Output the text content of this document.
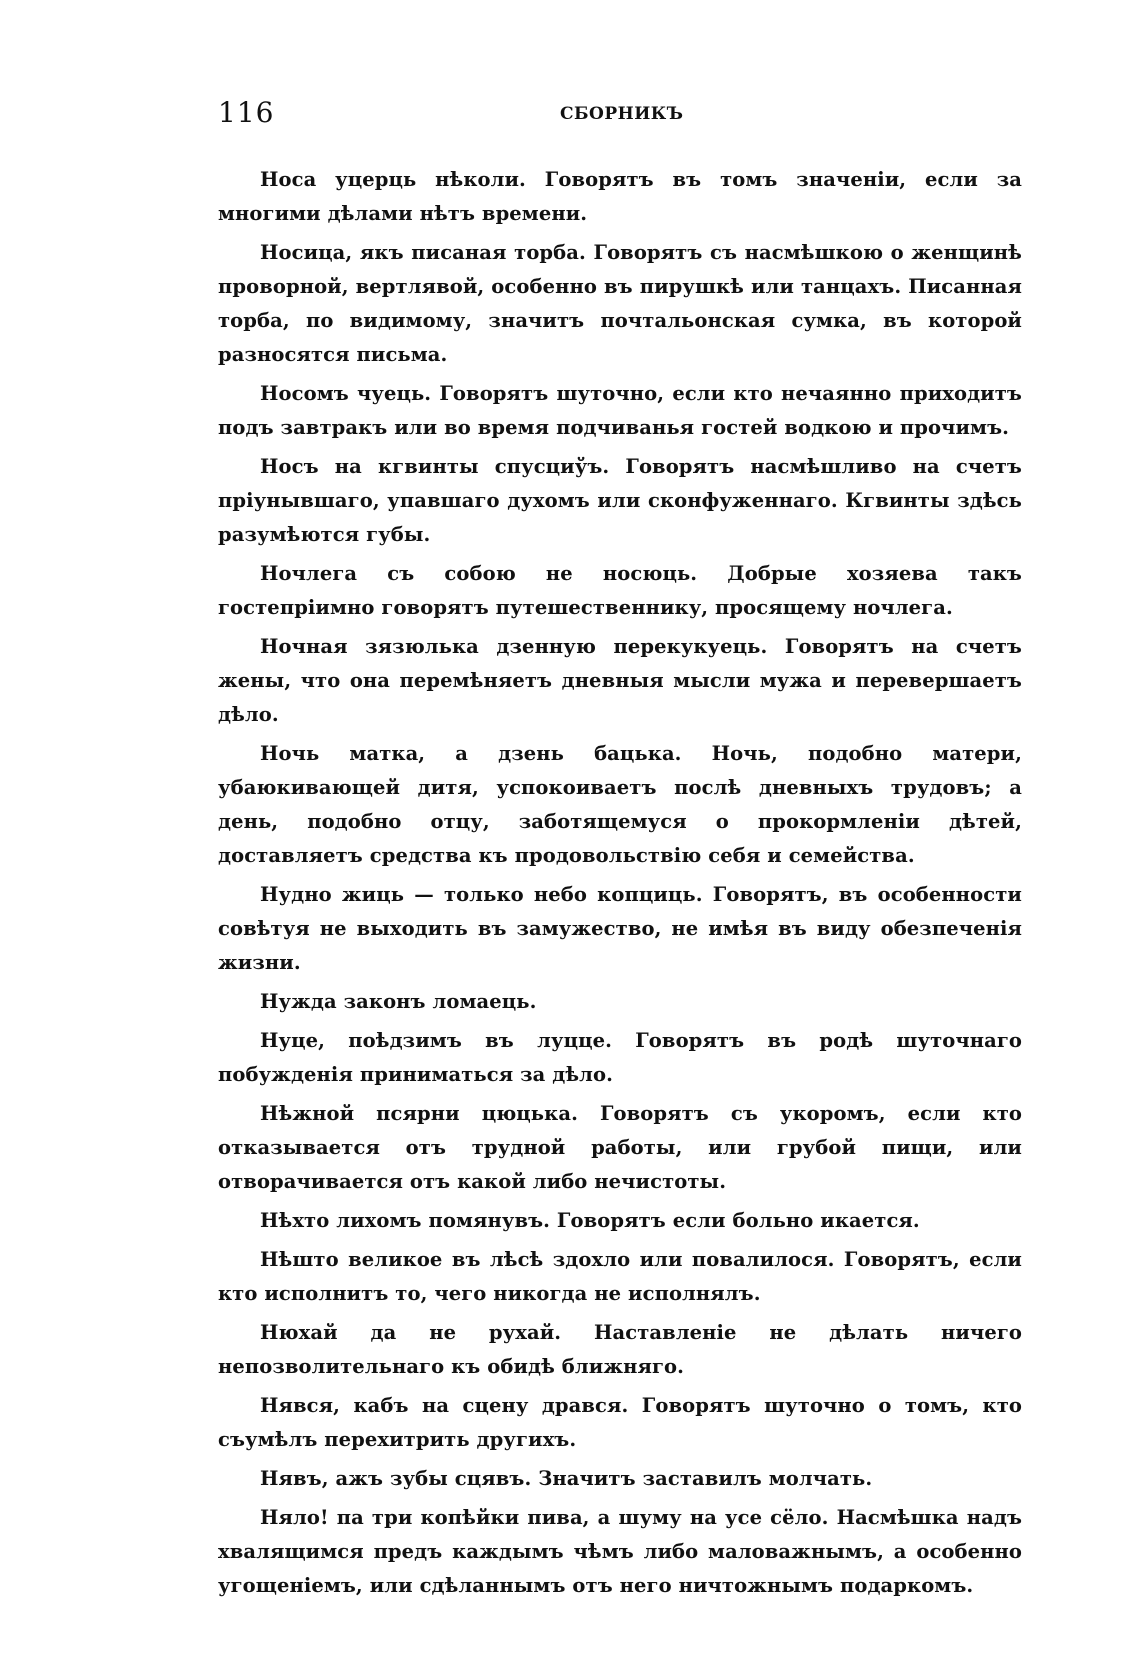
116	СБОРНИКЪ

Носа уцерць нѣколи. Говорятъ въ томъ значеніи, если за многими дѣлами нѣтъ времени.

Носица, якъ писаная торба. Говорятъ съ насмѣшкою о женщинѣ проворной, вертлявой, особенно въ пирушкѣ или танцахъ. Писанная торба, по видимому, значитъ почтальонская сумка, въ которой разносятся письма.

Носомъ чуець. Говорятъ шуточно, если кто нечаянно приходитъ подъ завтракъ или во время подчиванья гостей водкою и прочимъ.

Носъ на кгвинты спусциўъ. Говорятъ насмѣшливо на счетъ пріунывшаго, упавшаго духомъ или сконфуженнаго. Кгвинты здѣсь разумѣются губы.

Ночлега съ собою не носюць. Добрые хозяева такъ гостепріимно говорятъ путешественнику, просящему ночлега.

Ночная зязюлька дзенную перекукуець. Говорятъ на счетъ жены, что она перемѣняетъ дневныя мысли мужа и перевершаетъ дѣло.

Ночь матка, а дзень бацька. Ночь, подобно матери, убаюкивающей дитя, успокоиваетъ послѣ дневныхъ трудовъ; а день, подобно отцу, заботящемуся о прокормленіи дѣтей, доставляетъ средства къ продовольствію себя и семейства.

Нудно жиць — только небо копциць. Говорятъ, въ особенности совѣтуя не выходить въ замужество, не имѣя въ виду обезпеченія жизни.

Нужда законъ ломаець.

Нуце, поѣдзимъ въ луцце. Говорятъ въ родѣ шуточнаго побужденія приниматься за дѣло.

Нѣжной псярни цюцька. Говорятъ съ укоромъ, если кто отказывается отъ трудной работы, или грубой пищи, или отворачивается отъ какой либо нечистоты.

Нѣхто лихомъ помянувъ. Говорятъ если больно икается.

Нѣшто великое въ лѣсѣ здохло или повалилося. Говорятъ, если кто исполнитъ то, чего никогда не исполнялъ.

Нюхай да не рухай. Наставленіе не дѣлать ничего непозволительнаго къ обидѣ ближняго.

Нявся, кабъ на сцену дрався. Говорятъ шуточно о томъ, кто съумѣлъ перехитрить другихъ.

Нявъ, ажъ зубы сцявъ. Значитъ заставилъ молчать.

Няло! па три копѣйки пива, а шуму на усе сёло. Насмѣшка надъ хвалящимся предъ каждымъ чѣмъ либо маловажнымъ, а особенно угощеніемъ, или сдѣланнымъ отъ него ничтожнымъ подаркомъ.
